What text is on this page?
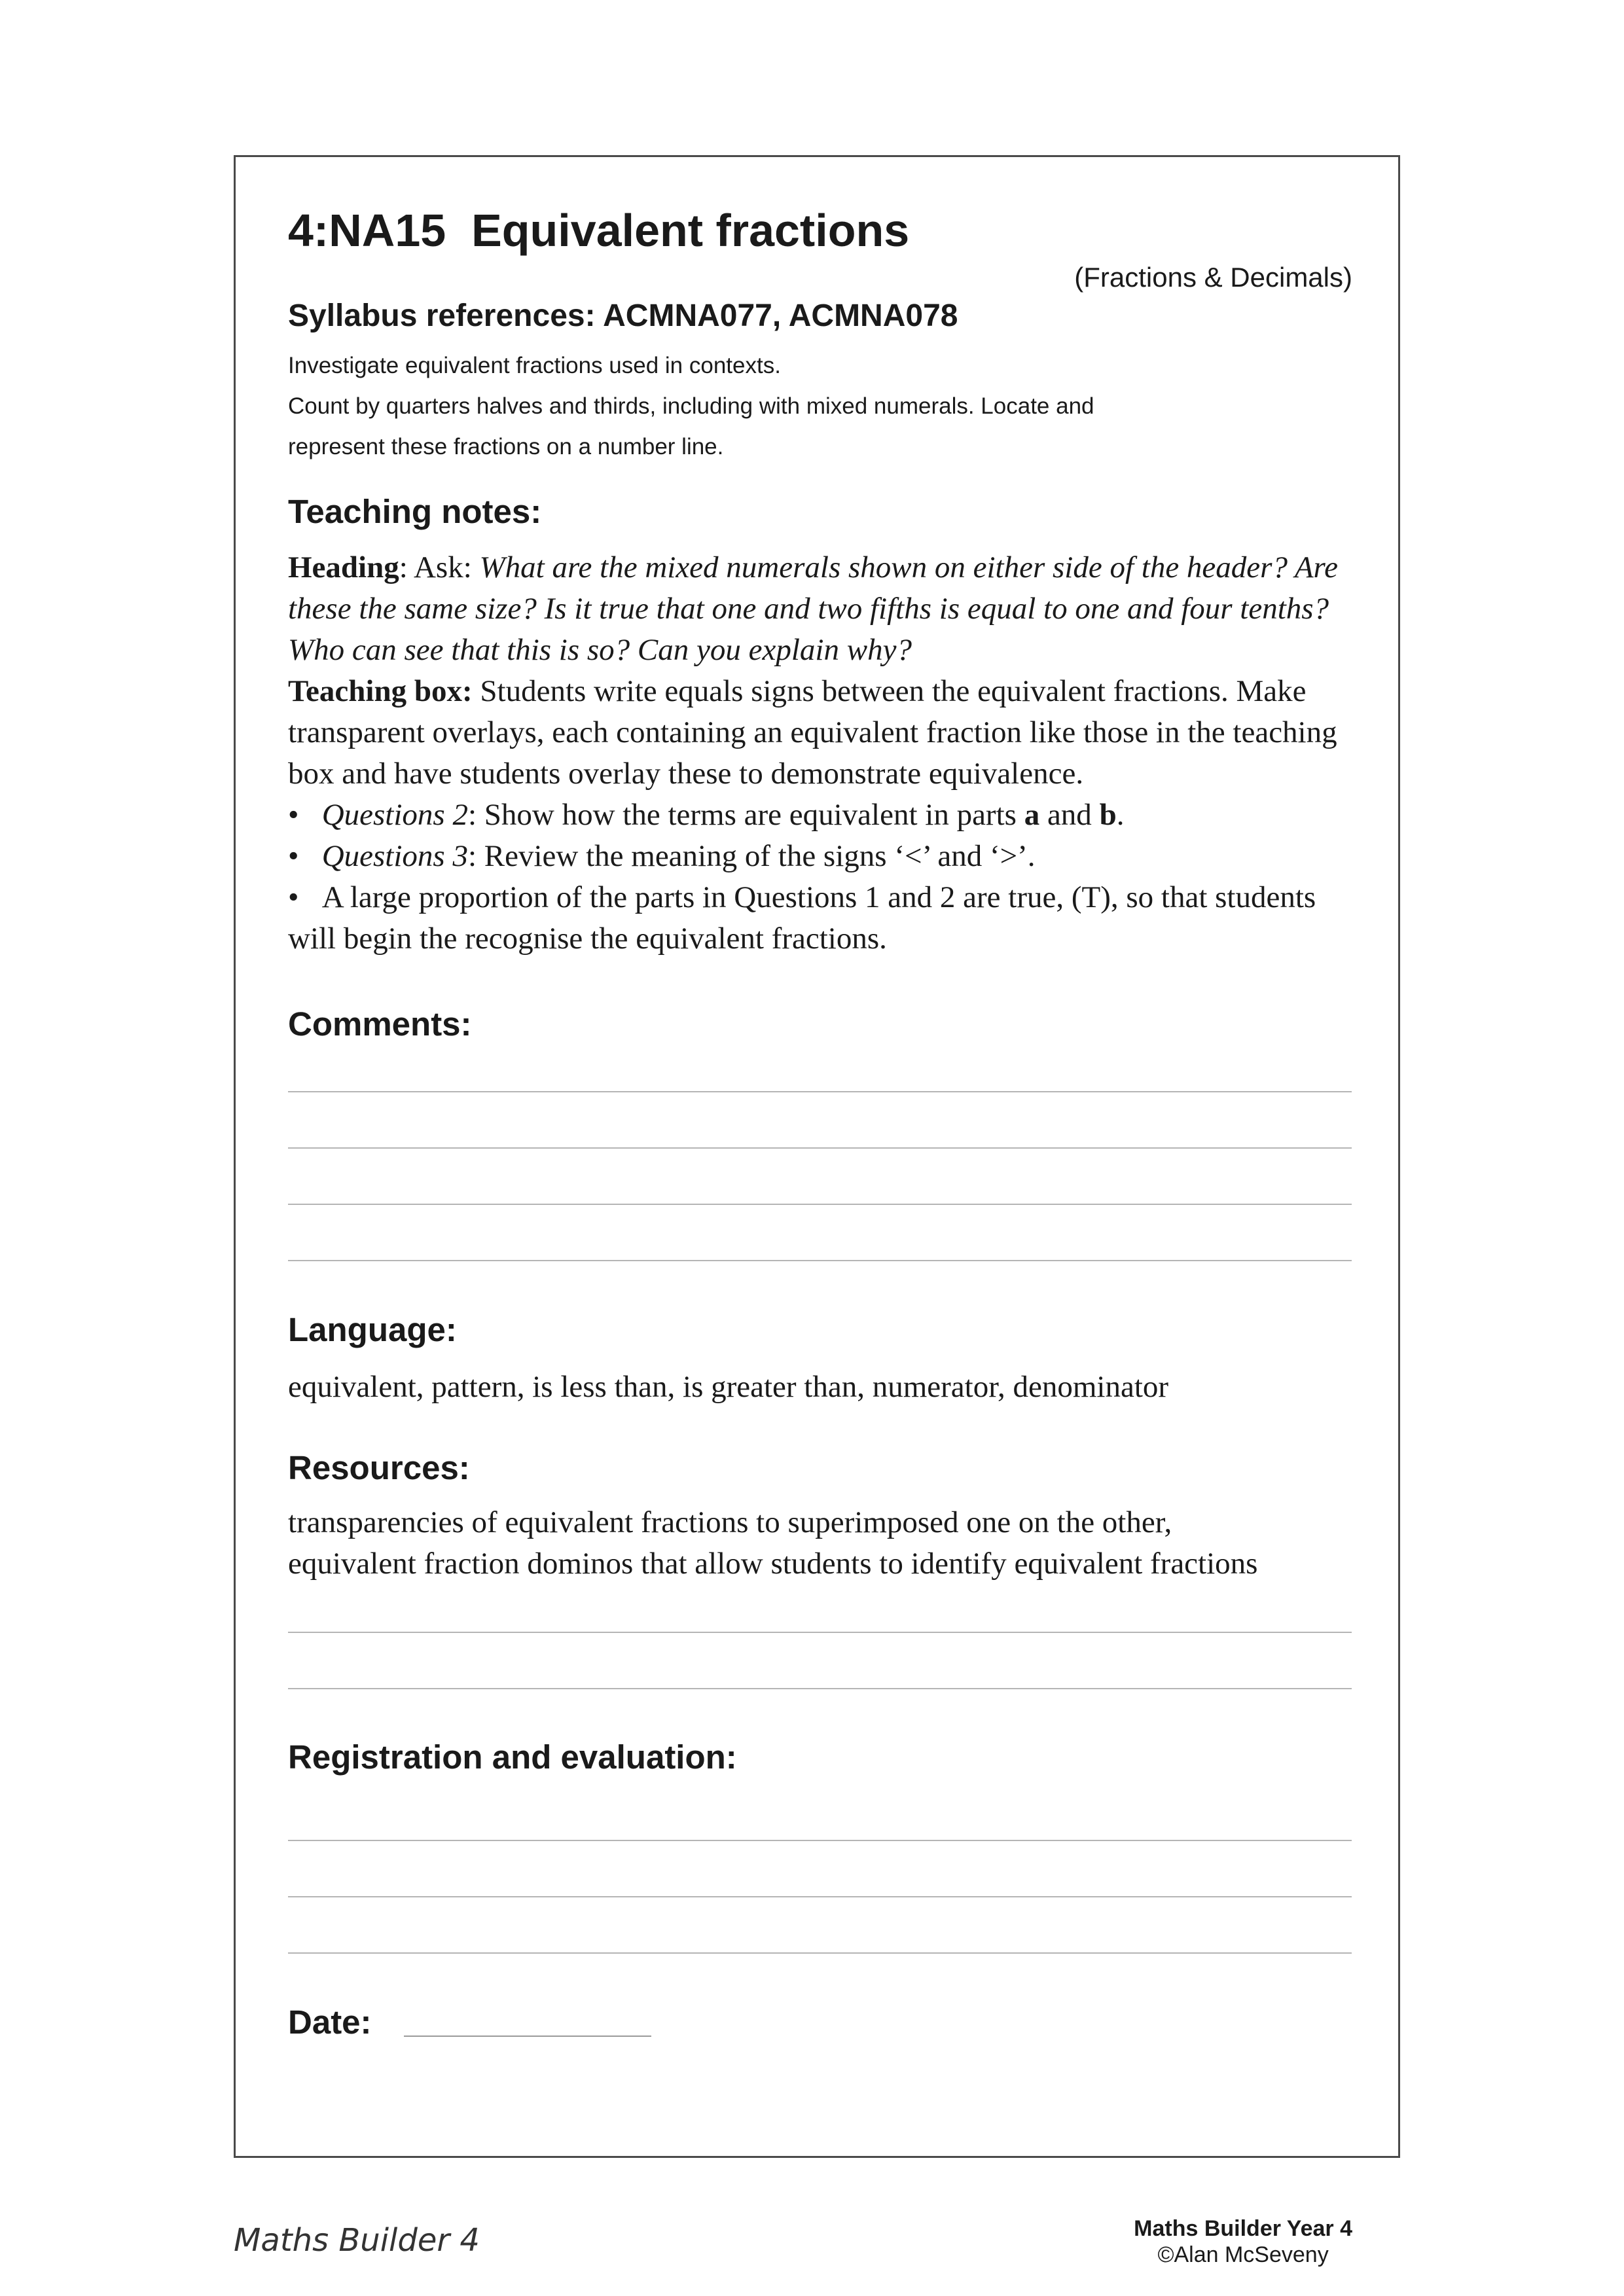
4:NA15  Equivalent fractions
(Fractions & Decimals)
Syllabus references: ACMNA077, ACMNA078
Investigate equivalent fractions used in contexts.
Count by quarters halves and thirds, including with mixed numerals. Locate and
represent these fractions on a number line.
Teaching notes:

Heading: Ask: What are the mixed numerals shown on either side of the header? Are these the same size? Is it true that one and two fifths is equal to one and four tenths?Who can see that this is so? Can you explain why?

Teaching box: Students write equals signs between the equivalent fractions. Make transparent overlays, each containing an equivalent fraction like those in the teaching box and have students overlay these to demonstrate equivalence.

• Questions 2: Show how the terms are equivalent in parts a and b.

• Questions 3: Review the meaning of the signs ‘<’ and ‘>’.

• A large proportion of the parts in Questions 1 and 2 are true, (T), so that students will begin the recognise the equivalent fractions.

Comments:
Language:
equivalent, pattern, is less than, is greater than, numerator, denominator
Resources:

transparencies of equivalent fractions to superimposed one on the other,

equivalent fraction dominos that allow students to identify equivalent fractions

Registration and evaluation:
Date:
Maths Builder 4	Maths Builder Year 4
©Alan McSeveny
